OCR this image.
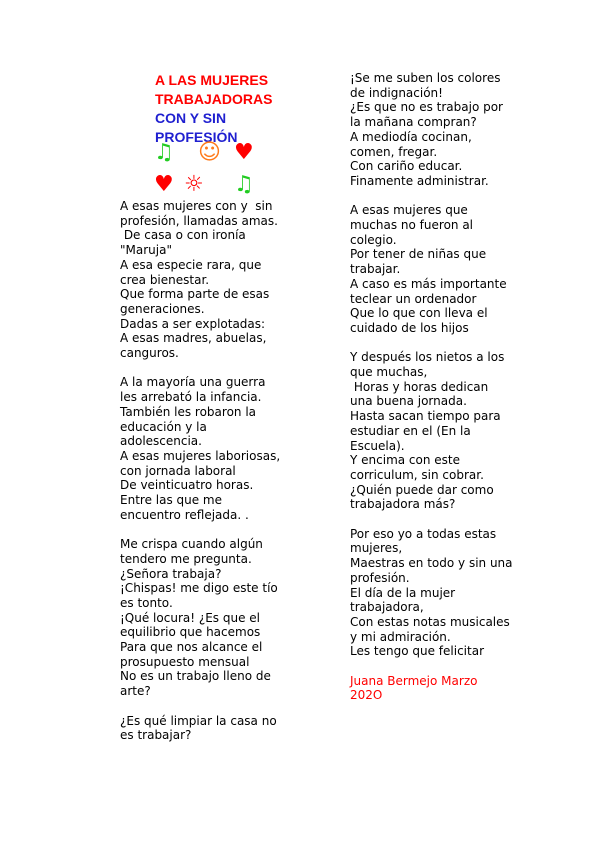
A LAS MUJERES
TRABAJADORAS
CON Y SIN
PROFESIÓN
♫ ☺ ♥
♥ ☼ ♫
A esas mujeres con y  sin
profesión, llamadas amas.
De casa o con ironía
"Maruja"
A esa especie rara, que
crea bienestar.
Que forma parte de esas
generaciones.
Dadas a ser explotadas:
A esas madres, abuelas,
canguros.
A la mayoría una guerra
les arrebató la infancia.
También les robaron la
educación y la
adolescencia.
A esas mujeres laboriosas,
con jornada laboral
De veinticuatro horas.
Entre las que me
encuentro reflejada. .
Me crispa cuando algún
tendero me pregunta.
¿Señora trabaja?
¡Chispas! me digo este tío
es tonto.
¡Qué locura! ¿Es que el
equilibrio que hacemos
Para que nos alcance el
prosupuesto mensual
No es un trabajo lleno de
arte?
¿Es qué limpiar la casa no
es trabajar?
¡Se me suben los colores
de indignación!
¿Es que no es trabajo por
la mañana compran?
A mediodía cocinan,
comen, fregar.
Con cariño educar.
Finamente administrar.
A esas mujeres que
muchas no fueron al
colegio.
Por tener de niñas que
trabajar.
A caso es más importante
teclear un ordenador
Que lo que con lleva el
cuidado de los hijos
Y después los nietos a los
que muchas,
Horas y horas dedican
una buena jornada.
Hasta sacan tiempo para
estudiar en el (En la
Escuela).
Y encima con este
corriculum, sin cobrar.
¿Quién puede dar como
trabajadora más?
Por eso yo a todas estas
mujeres,
Maestras en todo y sin una
profesión.
El día de la mujer
trabajadora,
Con estas notas musicales
y mi admiración.
Les tengo que felicitar
Juana Bermejo Marzo
202O
